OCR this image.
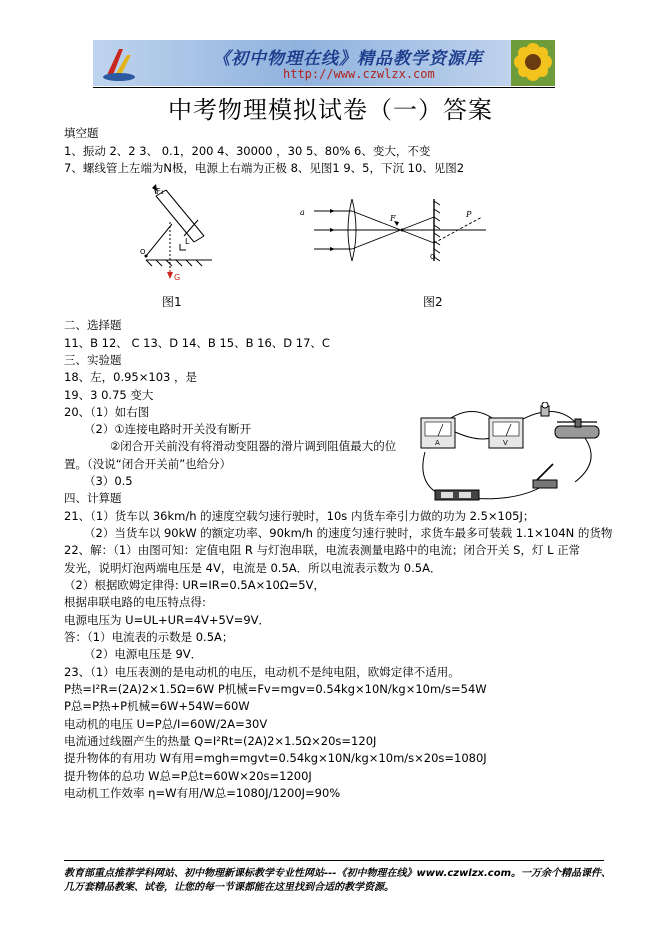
《初中物理在线》精品教学资源库
http://www.czwlzx.com
中考物理模拟试卷（一）答案
填空题
1、振动 2、2 3、 0.1，200 4、30000 ，30 5、80% 6、变大，不变
7、螺线管上左端为N极，电源上右端为正极 8、见图1 9、5，下沉 10、见图2
F₁
G
L
O
a
F	P
O
图1	图2
二、选择题
11、B 12、 C 13、D 14、B 15、B 16、D 17、C
三、实验题
18、左，0.95×103 ，是
19、3 0.75 变大
20、（1）如右图
（2）①连接电路时开关没有断开
②闭合开关前没有将滑动变阻器的滑片调到阻值最大的位
置。（没说“闭合开关前”也给分）
（3）0.5
A	V
四、计算题
21、（1）货车以 36km/h 的速度空载匀速行驶时，10s 内货车牵引力做的功为 2.5×105J；
（2）当货车以 90kW 的额定功率、90km/h 的速度匀速行驶时，求货车最多可装载 1.1×104N 的货物
22、解：（1）由图可知：定值电阻 R 与灯泡串联，电流表测量电路中的电流；闭合开关 S，灯 L 正常
发光，说明灯泡两端电压是 4V，电流是 0.5A．所以电流表示数为 0.5A．
（2）根据欧姆定律得: UR=IR=0.5A×10Ω=5V，
根据串联电路的电压特点得:
电源电压为 U=UL+UR=4V+5V=9V．
答：（1）电流表的示数是 0.5A；
（2）电源电压是 9V．
23、（1）电压表测的是电动机的电压，电动机不是纯电阻，欧姆定律不适用。
P热=I²R=(2A)2×1.5Ω=6W P机械=Fv=mgv=0.54kg×10N/kg×10m/s=54W
P总=P热+P机械=6W+54W=60W
电动机的电压 U=P总/I=60W/2A=30V
电流通过线圈产生的热量 Q=I²Rt=(2A)2×1.5Ω×20s=120J
提升物体的有用功 W有用=mgh=mgvt=0.54kg×10N/kg×10m/s×20s=1080J
提升物体的总功 W总=P总t=60W×20s=1200J
电动机工作效率 η=W有用/W总=1080J/1200J=90%
教育部重点推荐学科网站、初中物理新课标教学专业性网站---《初中物理在线》www.czwlzx.com。一万余个精品课件、
几万套精品教案、试卷，让您的每一节课都能在这里找到合适的教学资源。
